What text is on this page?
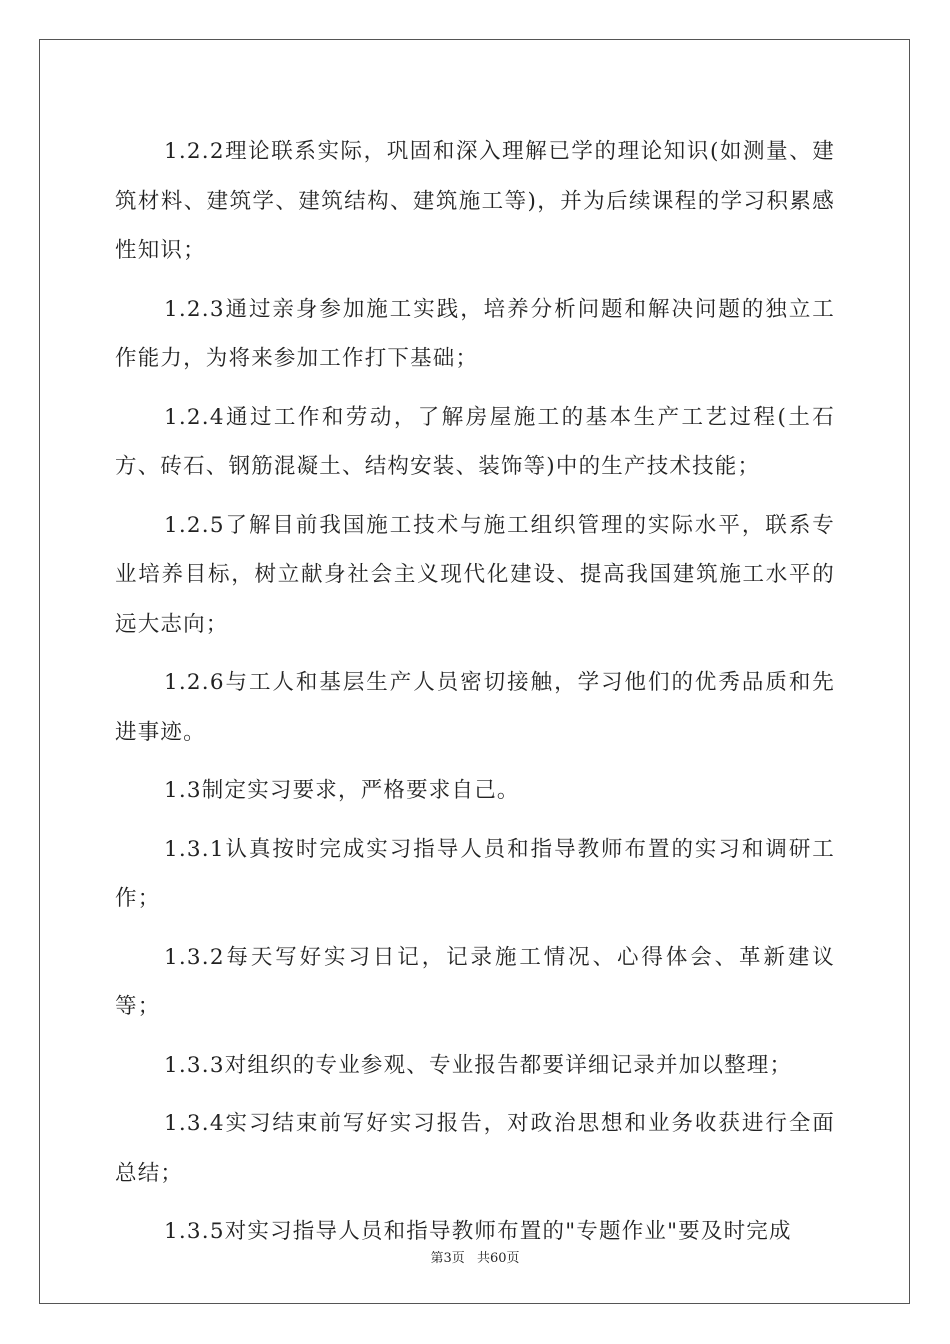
1.2.2理论联系实际，巩固和深入理解已学的理论知识(如测量、建筑材料、建筑学、建筑结构、建筑施工等)，并为后续课程的学习积累感性知识；

1.2.3通过亲身参加施工实践，培养分析问题和解决问题的独立工作能力，为将来参加工作打下基础；

1.2.4通过工作和劳动，了解房屋施工的基本生产工艺过程(土石方、砖石、钢筋混凝土、结构安装、装饰等)中的生产技术技能；

1.2.5了解目前我国施工技术与施工组织管理的实际水平，联系专业培养目标，树立献身社会主义现代化建设、提高我国建筑施工水平的远大志向；

1.2.6与工人和基层生产人员密切接触，学习他们的优秀品质和先进事迹。

1.3制定实习要求，严格要求自己。

1.3.1认真按时完成实习指导人员和指导教师布置的实习和调研工作；

1.3.2每天写好实习日记，记录施工情况、心得体会、革新建议等；

1.3.3对组织的专业参观、专业报告都要详细记录并加以整理；

1.3.4实习结束前写好实习报告，对政治思想和业务收获进行全面总结；

1.3.5对实习指导人员和指导教师布置的"专题作业"要及时完成

第3页 共60页
